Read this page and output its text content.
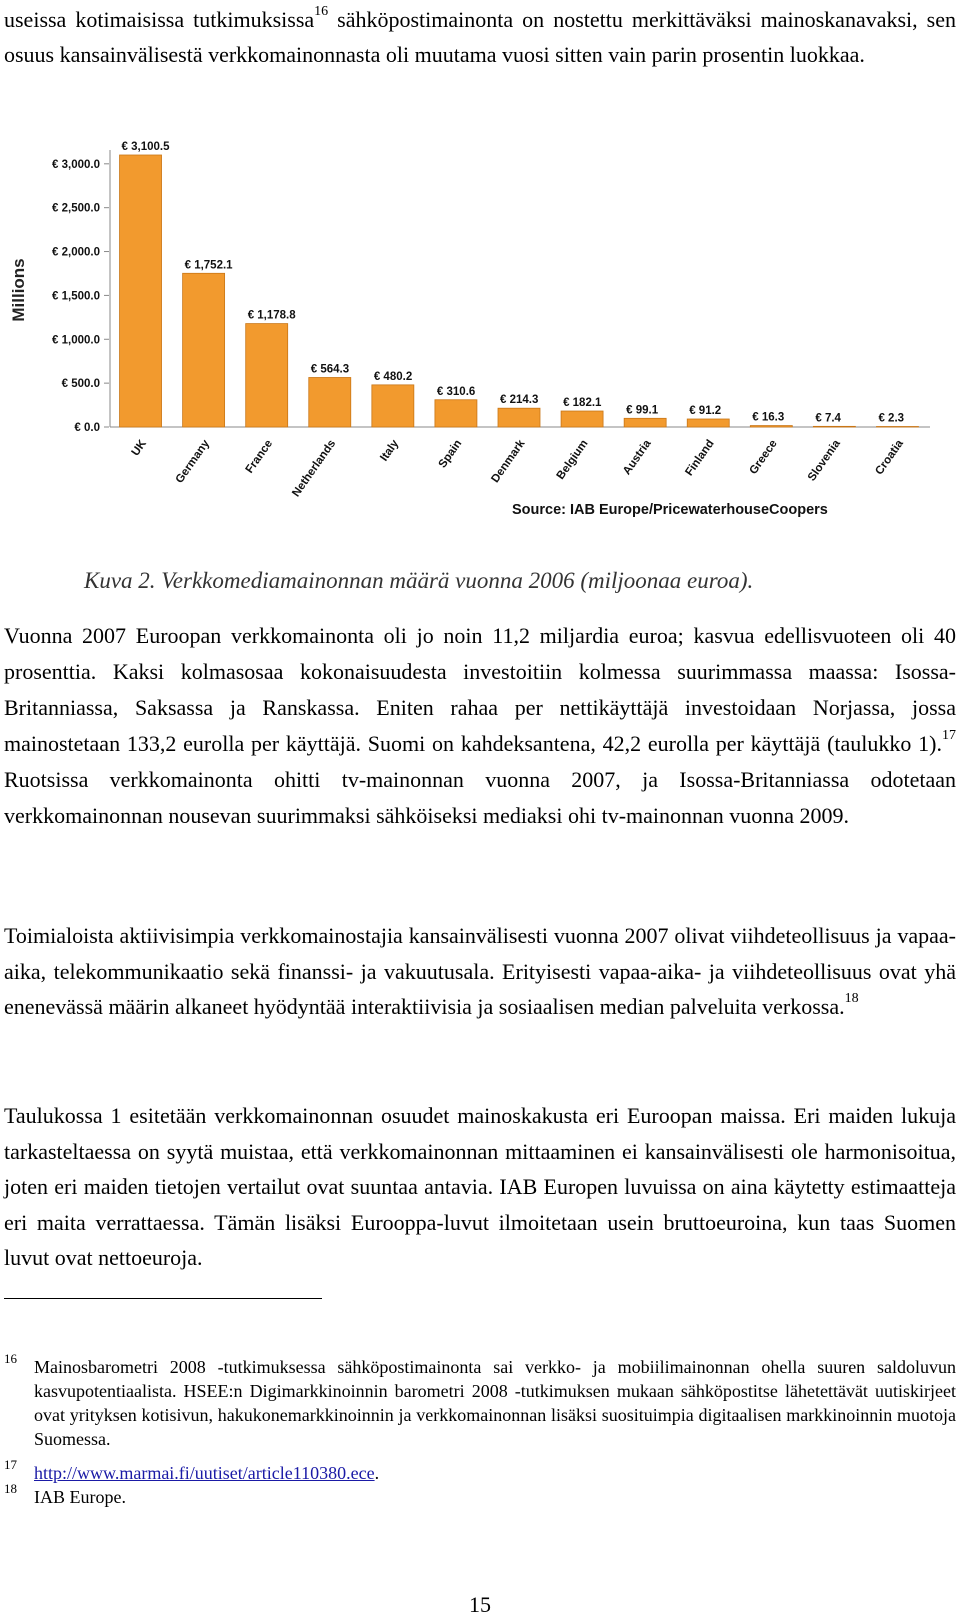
useissa kotimaisissa tutkimuksissa$^{16}$ sähköpostimainonta on nostettu merkittäväksi mainoskanavaksi, sen osuus kansainvälisestä verkkomainonnasta oli muutama vuosi sitten vain parin prosentin luokkaa.

Millions
€ 0.0
€ 500.0
€ 1,000.0
€ 1,500.0
€ 2,000.0
€ 2,500.0
€ 3,000.0
€ 3,100.5
UK
€ 1,752.1
Germany
€ 1,178.8
France
€ 564.3
Netherlands
€ 480.2
Italy
€ 310.6
Spain
€ 214.3
Denmark
€ 182.1
Belgium
€ 99.1
Austria
€ 91.2
Finland
€ 16.3
Greece
€ 7.4
Slovenia
€ 2.3
Croatia
Source: IAB Europe/PricewaterhouseCoopers

Kuva 2. Verkkomediamainonnan määrä vuonna 2006 (miljoonaa euroa).

Vuonna 2007 Euroopan verkkomainonta oli jo noin 11,2 miljardia euroa; kasvua edellisvuoteen oli 40 prosenttia. Kaksi kolmasosaa kokonaisuudesta investoitiin kolmessa suurimmassa maassa: Isossa-Britanniassa, Saksassa ja Ranskassa. Eniten rahaa per nettikäyttäjä investoidaan Norjassa, jossa mainostetaan 133,2 eurolla per käyttäjä. Suomi on kahdeksantena, 42,2 eurolla per käyttäjä (taulukko 1).$^{17}$ Ruotsissa verkkomainonta ohitti tv-mainonnan vuonna 2007, ja Isossa-Britanniassa odotetaan verkkomainonnan nousevan suurimmaksi sähköiseksi mediaksi ohi tv-mainonnan vuonna 2009.

Toimialoista aktiivisimpia verkkomainostajia kansainvälisesti vuonna 2007 olivat viihdeteollisuus ja vapaa-aika, telekommunikaatio sekä finanssi- ja vakuutusala. Erityisesti vapaa-aika- ja viihdeteollisuus ovat yhä enenevässä määrin alkaneet hyödyntää interaktiivisia ja sosiaalisen median palveluita verkossa.$^{18}$

Taulukossa 1 esitetään verkkomainonnan osuudet mainoskakusta eri Euroopan maissa. Eri maiden lukuja tarkasteltaessa on syytä muistaa, että verkkomainonnan mittaaminen ei kansainvälisesti ole harmonisoitua, joten eri maiden tietojen vertailut ovat suuntaa antavia. IAB Europen luvuissa on aina käytetty estimaatteja eri maita verrattaessa. Tämän lisäksi Eurooppa-luvut ilmoitetaan usein bruttoeuroina, kun taas Suomen luvut ovat nettoeuroja.

16 Mainosbarometri 2008 -tutkimuksessa sähköpostimainonta sai verkko- ja mobiilimainonnan ohella suuren saldoluvun kasvupotentiaalista. HSEE:n Digimarkkinoinnin barometri 2008 -tutkimuksen mukaan sähköpostitse lähetettävät uutiskirjeet ovat yrityksen kotisivun, hakukonemarkkinoinnin ja verkkomainonnan lisäksi suosituimpia digitaalisen markkinoinnin muotoja Suomessa.

17 http://www.marmai.fi/uutiset/article110380.ece.

18 IAB Europe.

15
